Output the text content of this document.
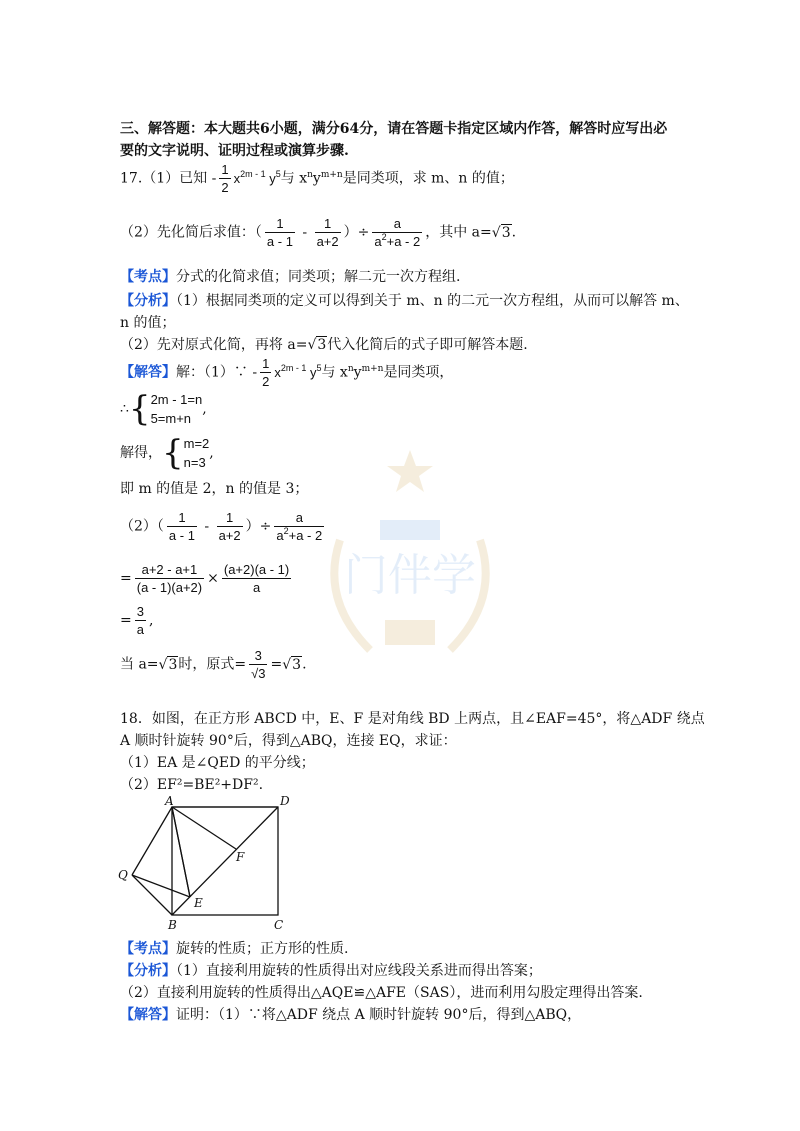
门伴学
三、解答题：本大题共6小题，满分64分，请在答题卡指定区域内作答，解答时应写出必
要的文字说明、证明过程或演算步骤.
17.（1）已知 - $\frac{1}{2} x^{2m - 1}$ $y^5$与 $x^ny^{m+n}$是同类项，求 m、n 的值；
（2）先化简后求值：（ $\frac{1}{a - 1} - \frac{1}{a+2}$ ）÷ $\frac{a}{a^2+a - 2}$ ，其中 a=√3.
【考点】分式的化简求值；同类项；解二元一次方程组.
【分析】（1）根据同类项的定义可以得到关于 m、n 的二元一次方程组，从而可以解答 m、
n 的值；
（2）先对原式化简，再将 a=√3代入化简后的式子即可解答本题.
【解答】解：（1）∵ - $\frac{1}{2} x^{2m - 1}$ $y^5$与 $x^ny^{m+n}$是同类项，
∴{2m - 1=n
5=m+n,
解得，{m=2
n=3,
即 m 的值是 2，n 的值是 3；
$(2)( \frac{1}{a - 1} - \frac{1}{a+2}$ ）÷ $\frac{a}{a^2+a - 2}$
= $\frac{a+2 - a+1}{(a - 1)(a+2)} \times \frac{(a+2)(a - 1)}{a}$
= $\frac{3}{a}$ ,
当 a=√3时，原式= $\frac{3}{√3} =√3$.
18．如图，在正方形 ABCD 中，E、F 是对角线 BD 上两点，且∠EAF=45°，将△ADF 绕点
A 顺时针旋转 90°后，得到△ABQ，连接 EQ，求证：
（1）EA 是∠QED 的平分线；
（2）EF²=BE²+DF².
A	D
Q
F
E
B	C
【考点】旋转的性质；正方形的性质.
【分析】（1）直接利用旋转的性质得出对应线段关系进而得出答案；
（2）直接利用旋转的性质得出△AQE≌△AFE（SAS），进而利用勾股定理得出答案.
【解答】证明：（1）∵将△ADF 绕点 A 顺时针旋转 90°后，得到△ABQ，
